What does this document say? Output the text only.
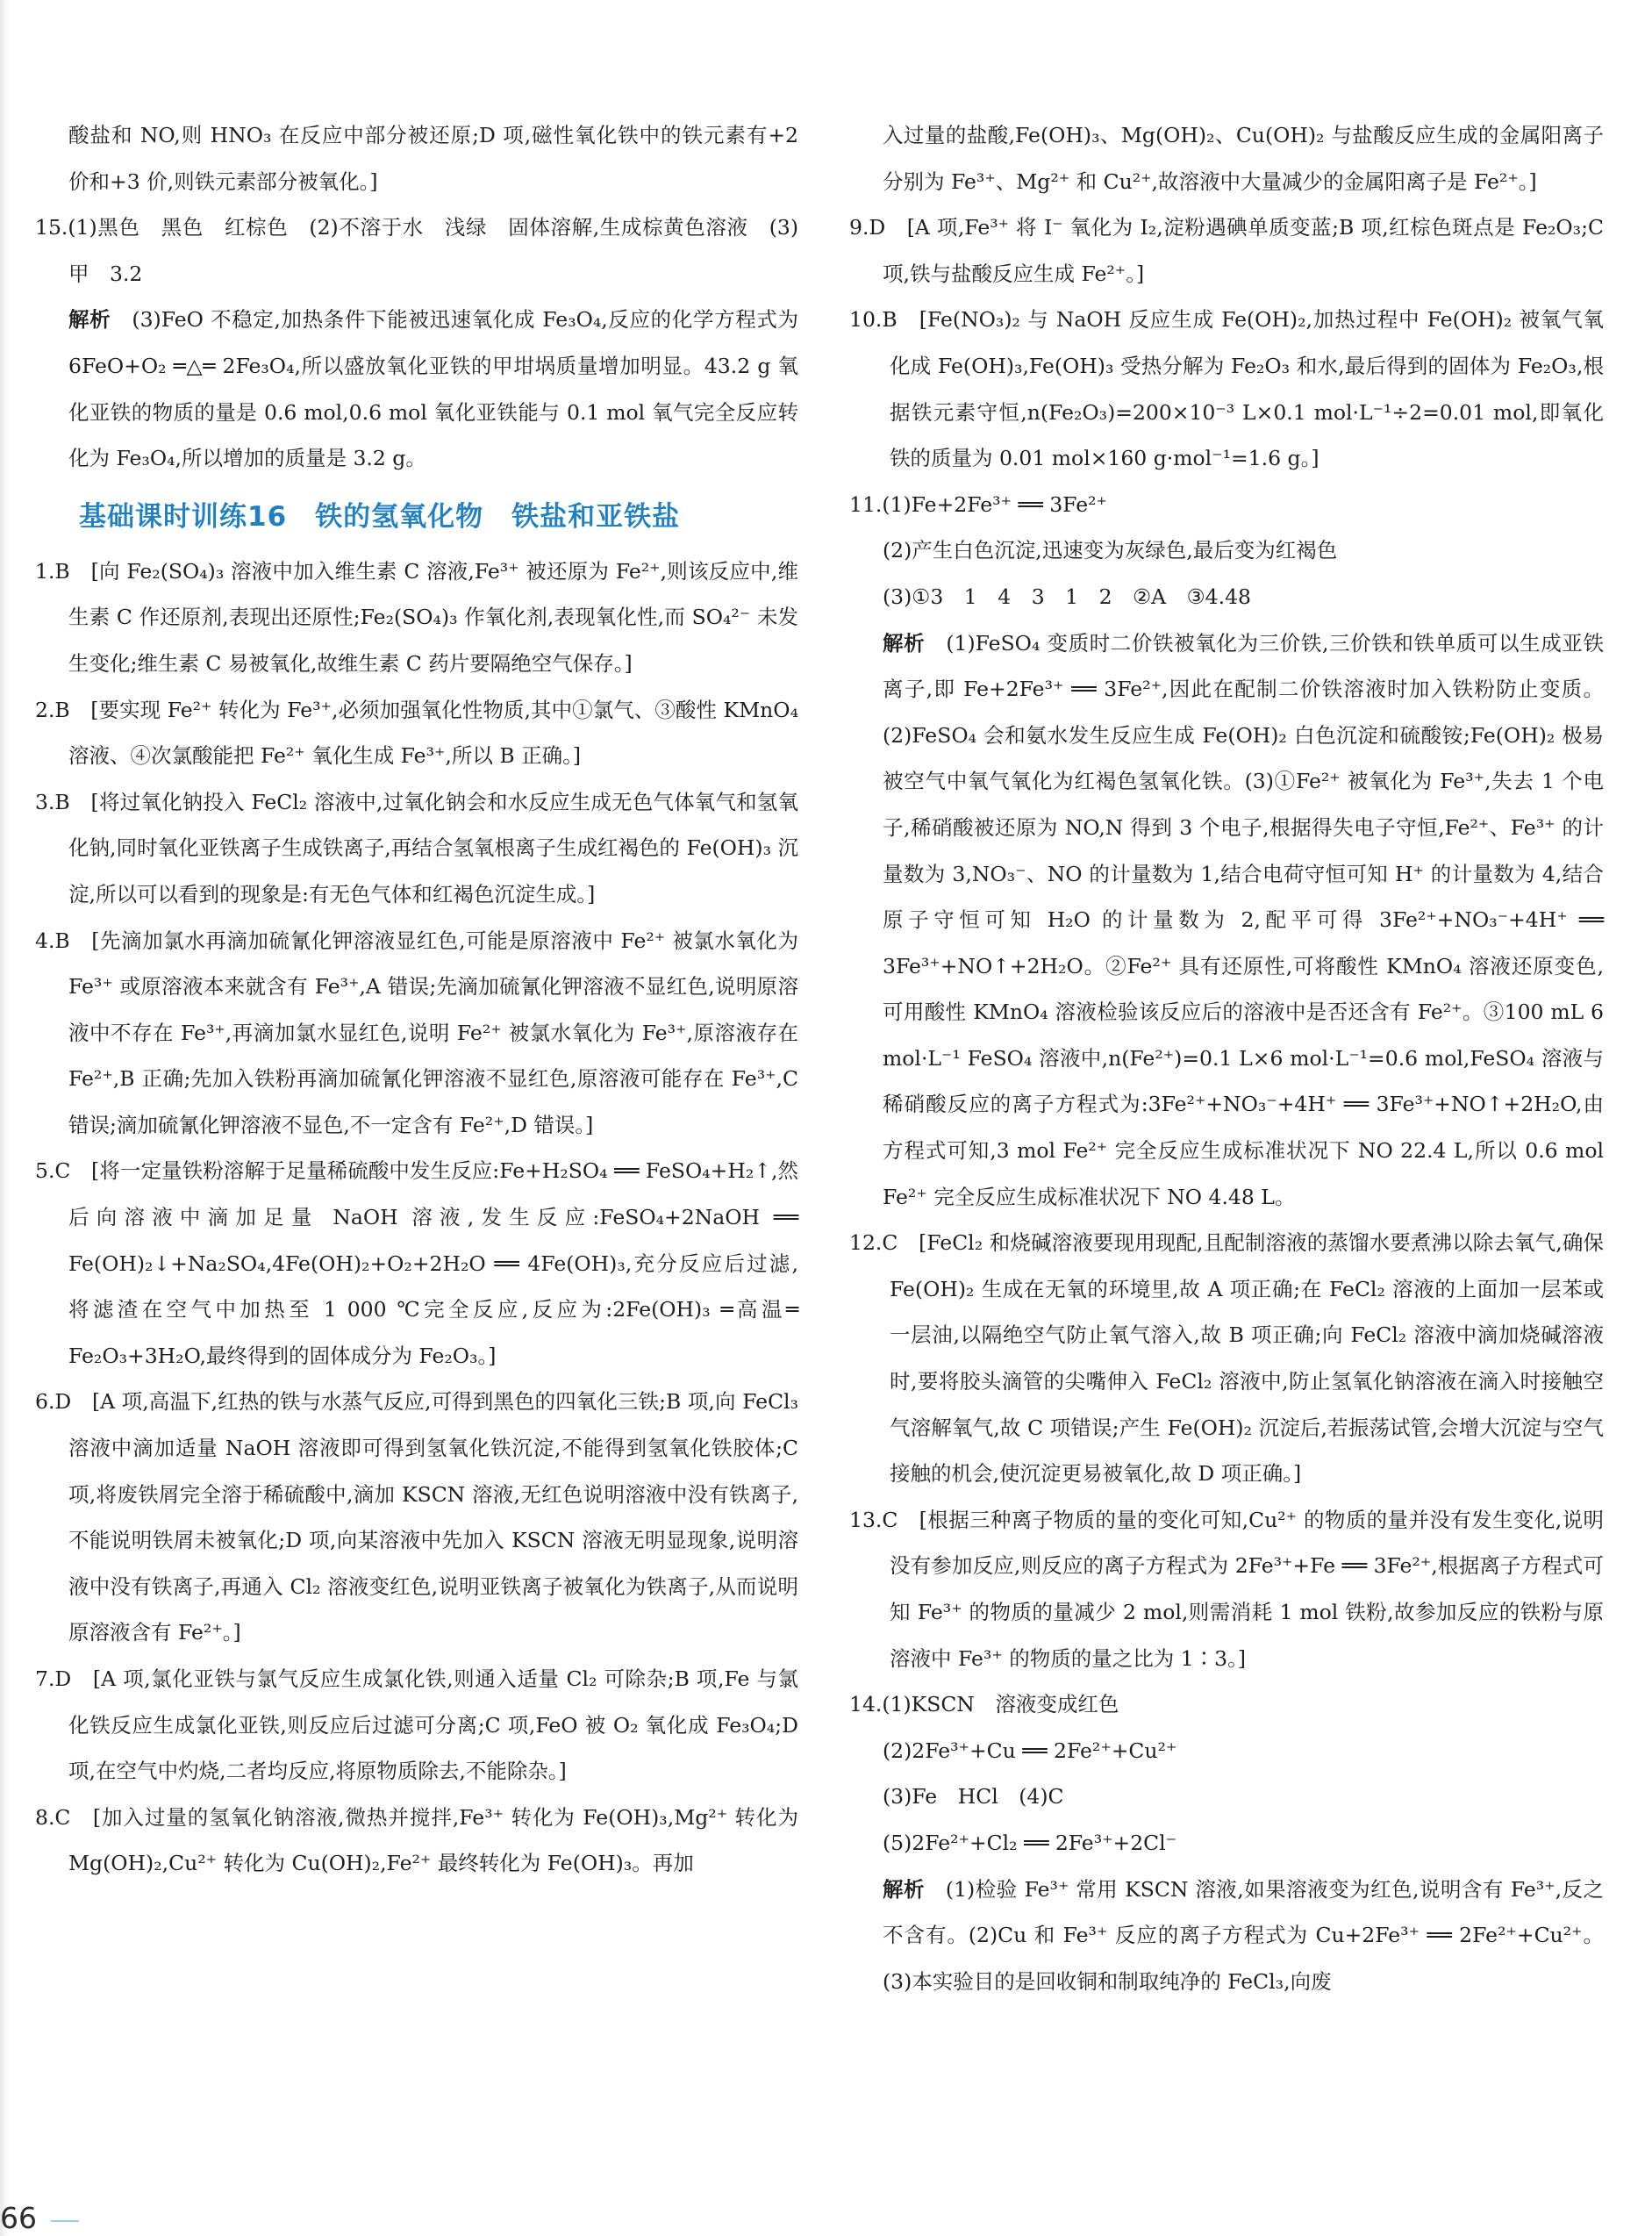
酸盐和 NO,则 HNO₃ 在反应中部分被还原;D 项,磁性氧化铁中的铁元素有+2 价和+3 价,则铁元素部分被氧化。]
15.(1)黑色　黑色　红棕色　(2)不溶于水　浅绿　固体溶解,生成棕黄色溶液　(3)甲　3.2
解析　(3)FeO 不稳定,加热条件下能被迅速氧化成 Fe₃O₄,反应的化学方程式为 6FeO+O₂ ═△═ 2Fe₃O₄,所以盛放氧化亚铁的甲坩埚质量增加明显。43.2 g 氧化亚铁的物质的量是 0.6 mol,0.6 mol 氧化亚铁能与 0.1 mol 氧气完全反应转化为 Fe₃O₄,所以增加的质量是 3.2 g。
基础课时训练16　铁的氢氧化物　铁盐和亚铁盐
1.B　[向 Fe₂(SO₄)₃ 溶液中加入维生素 C 溶液,Fe³⁺ 被还原为 Fe²⁺,则该反应中,维生素 C 作还原剂,表现出还原性;Fe₂(SO₄)₃ 作氧化剂,表现氧化性,而 SO₄²⁻ 未发生变化;维生素 C 易被氧化,故维生素 C 药片要隔绝空气保存。]
2.B　[要实现 Fe²⁺ 转化为 Fe³⁺,必须加强氧化性物质,其中①氯气、③酸性 KMnO₄ 溶液、④次氯酸能把 Fe²⁺ 氧化生成 Fe³⁺,所以 B 正确。]
3.B　[将过氧化钠投入 FeCl₂ 溶液中,过氧化钠会和水反应生成无色气体氧气和氢氧化钠,同时氧化亚铁离子生成铁离子,再结合氢氧根离子生成红褐色的 Fe(OH)₃ 沉淀,所以可以看到的现象是:有无色气体和红褐色沉淀生成。]
4.B　[先滴加氯水再滴加硫氰化钾溶液显红色,可能是原溶液中 Fe²⁺ 被氯水氧化为 Fe³⁺ 或原溶液本来就含有 Fe³⁺,A 错误;先滴加硫氰化钾溶液不显红色,说明原溶液中不存在 Fe³⁺,再滴加氯水显红色,说明 Fe²⁺ 被氯水氧化为 Fe³⁺,原溶液存在 Fe²⁺,B 正确;先加入铁粉再滴加硫氰化钾溶液不显红色,原溶液可能存在 Fe³⁺,C 错误;滴加硫氰化钾溶液不显色,不一定含有 Fe²⁺,D 错误。]
5.C　[将一定量铁粉溶解于足量稀硫酸中发生反应:Fe+H₂SO₄ ══ FeSO₄+H₂↑,然后向溶液中滴加足量 NaOH 溶液,发生反应:FeSO₄+2NaOH ══ Fe(OH)₂↓+Na₂SO₄,4Fe(OH)₂+O₂+2H₂O ══ 4Fe(OH)₃,充分反应后过滤,将滤渣在空气中加热至 1 000 ℃完全反应,反应为:2Fe(OH)₃ ═高温═ Fe₂O₃+3H₂O,最终得到的固体成分为 Fe₂O₃。]
6.D　[A 项,高温下,红热的铁与水蒸气反应,可得到黑色的四氧化三铁;B 项,向 FeCl₃ 溶液中滴加适量 NaOH 溶液即可得到氢氧化铁沉淀,不能得到氢氧化铁胶体;C 项,将废铁屑完全溶于稀硫酸中,滴加 KSCN 溶液,无红色说明溶液中没有铁离子,不能说明铁屑未被氧化;D 项,向某溶液中先加入 KSCN 溶液无明显现象,说明溶液中没有铁离子,再通入 Cl₂ 溶液变红色,说明亚铁离子被氧化为铁离子,从而说明原溶液含有 Fe²⁺。]
7.D　[A 项,氯化亚铁与氯气反应生成氯化铁,则通入适量 Cl₂ 可除杂;B 项,Fe 与氯化铁反应生成氯化亚铁,则反应后过滤可分离;C 项,FeO 被 O₂ 氧化成 Fe₃O₄;D 项,在空气中灼烧,二者均反应,将原物质除去,不能除杂。]
8.C　[加入过量的氢氧化钠溶液,微热并搅拌,Fe³⁺ 转化为 Fe(OH)₃,Mg²⁺ 转化为 Mg(OH)₂,Cu²⁺ 转化为 Cu(OH)₂,Fe²⁺ 最终转化为 Fe(OH)₃。再加
入过量的盐酸,Fe(OH)₃、Mg(OH)₂、Cu(OH)₂ 与盐酸反应生成的金属阳离子分别为 Fe³⁺、Mg²⁺ 和 Cu²⁺,故溶液中大量减少的金属阳离子是 Fe²⁺。]
9.D　[A 项,Fe³⁺ 将 I⁻ 氧化为 I₂,淀粉遇碘单质变蓝;B 项,红棕色斑点是 Fe₂O₃;C 项,铁与盐酸反应生成 Fe²⁺。]
10.B　[Fe(NO₃)₂ 与 NaOH 反应生成 Fe(OH)₂,加热过程中 Fe(OH)₂ 被氧气氧化成 Fe(OH)₃,Fe(OH)₃ 受热分解为 Fe₂O₃ 和水,最后得到的固体为 Fe₂O₃,根据铁元素守恒,n(Fe₂O₃)=200×10⁻³ L×0.1 mol·L⁻¹÷2=0.01 mol,即氧化铁的质量为 0.01 mol×160 g·mol⁻¹=1.6 g。]
11.(1)Fe+2Fe³⁺ ══ 3Fe²⁺
(2)产生白色沉淀,迅速变为灰绿色,最后变为红褐色
(3)①3　1　4　3　1　2　②A　③4.48
解析　(1)FeSO₄ 变质时二价铁被氧化为三价铁,三价铁和铁单质可以生成亚铁离子,即 Fe+2Fe³⁺ ══ 3Fe²⁺,因此在配制二价铁溶液时加入铁粉防止变质。(2)FeSO₄ 会和氨水发生反应生成 Fe(OH)₂ 白色沉淀和硫酸铵;Fe(OH)₂ 极易被空气中氧气氧化为红褐色氢氧化铁。(3)①Fe²⁺ 被氧化为 Fe³⁺,失去 1 个电子,稀硝酸被还原为 NO,N 得到 3 个电子,根据得失电子守恒,Fe²⁺、Fe³⁺ 的计量数为 3,NO₃⁻、NO 的计量数为 1,结合电荷守恒可知 H⁺ 的计量数为 4,结合原子守恒可知 H₂O 的计量数为 2,配平可得 3Fe²⁺+NO₃⁻+4H⁺ ══ 3Fe³⁺+NO↑+2H₂O。②Fe²⁺ 具有还原性,可将酸性 KMnO₄ 溶液还原变色,可用酸性 KMnO₄ 溶液检验该反应后的溶液中是否还含有 Fe²⁺。③100 mL 6 mol·L⁻¹ FeSO₄ 溶液中,n(Fe²⁺)=0.1 L×6 mol·L⁻¹=0.6 mol,FeSO₄ 溶液与稀硝酸反应的离子方程式为:3Fe²⁺+NO₃⁻+4H⁺ ══ 3Fe³⁺+NO↑+2H₂O,由方程式可知,3 mol Fe²⁺ 完全反应生成标准状况下 NO 22.4 L,所以 0.6 mol Fe²⁺ 完全反应生成标准状况下 NO 4.48 L。
12.C　[FeCl₂ 和烧碱溶液要现用现配,且配制溶液的蒸馏水要煮沸以除去氧气,确保 Fe(OH)₂ 生成在无氧的环境里,故 A 项正确;在 FeCl₂ 溶液的上面加一层苯或一层油,以隔绝空气防止氧气溶入,故 B 项正确;向 FeCl₂ 溶液中滴加烧碱溶液时,要将胶头滴管的尖嘴伸入 FeCl₂ 溶液中,防止氢氧化钠溶液在滴入时接触空气溶解氧气,故 C 项错误;产生 Fe(OH)₂ 沉淀后,若振荡试管,会增大沉淀与空气接触的机会,使沉淀更易被氧化,故 D 项正确。]
13.C　[根据三种离子物质的量的变化可知,Cu²⁺ 的物质的量并没有发生变化,说明没有参加反应,则反应的离子方程式为 2Fe³⁺+Fe ══ 3Fe²⁺,根据离子方程式可知 Fe³⁺ 的物质的量减少 2 mol,则需消耗 1 mol 铁粉,故参加反应的铁粉与原溶液中 Fe³⁺ 的物质的量之比为 1∶3。]
14.(1)KSCN　溶液变成红色
(2)2Fe³⁺+Cu ══ 2Fe²⁺+Cu²⁺
(3)Fe　HCl　(4)C
(5)2Fe²⁺+Cl₂ ══ 2Fe³⁺+2Cl⁻
解析　(1)检验 Fe³⁺ 常用 KSCN 溶液,如果溶液变为红色,说明含有 Fe³⁺,反之不含有。(2)Cu 和 Fe³⁺ 反应的离子方程式为 Cu+2Fe³⁺ ══ 2Fe²⁺+Cu²⁺。(3)本实验目的是回收铜和制取纯净的 FeCl₃,向废
66
